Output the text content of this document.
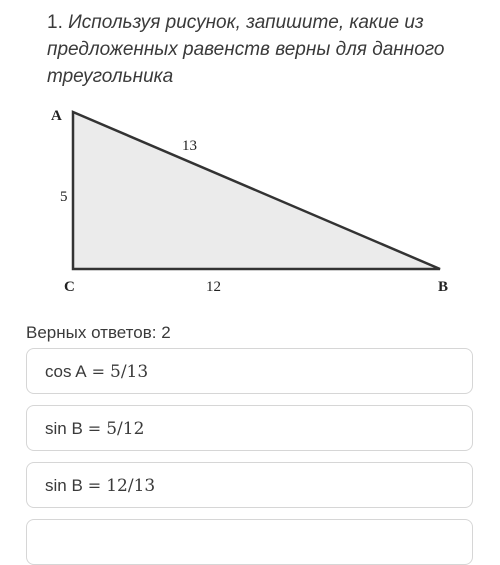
1. Используя рисунок, запишите, какие из предложенных равенств верны для данного треугольника
A
C	B
5
13
12
Верных ответов: 2
cos A = 5/13
sin B = 5/12
sin B = 12/13
